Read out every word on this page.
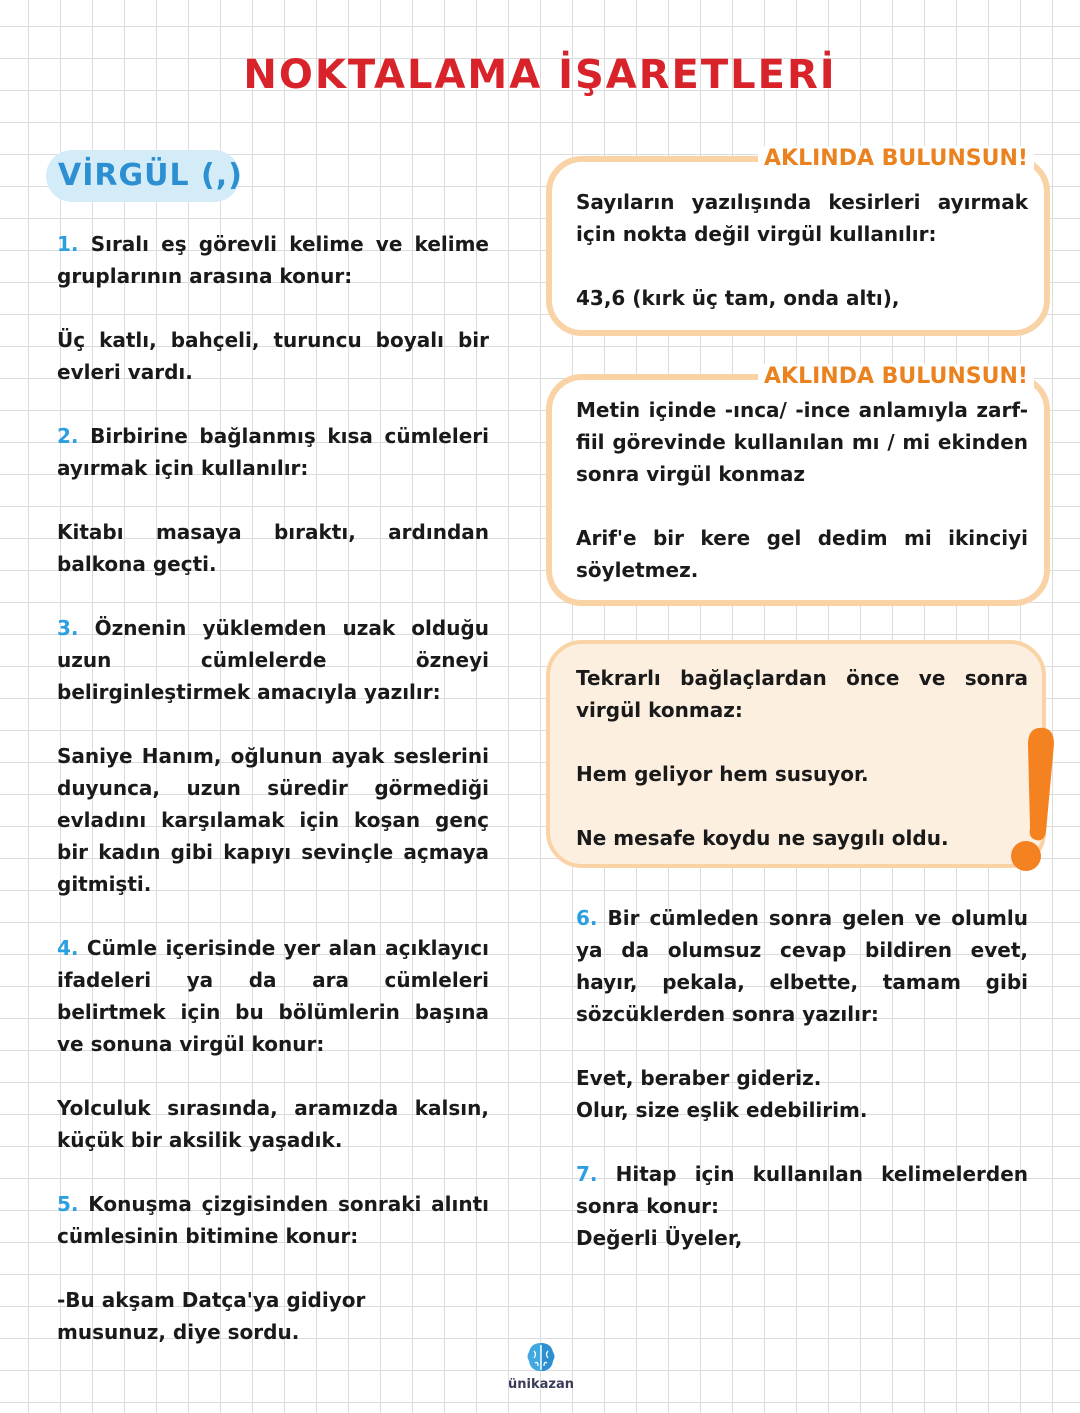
NOKTALAMA İŞARETLERİ
VİRGÜL (,)

1. Sıralı eş görevli kelime ve kelime gruplarının arasına konur:

Üç katlı, bahçeli, turuncu boyalı bir evleri vardı.

2. Birbirine bağlanmış kısa cümleleri ayırmak için kullanılır:

Kitabı masaya bıraktı, ardından balkona geçti.

3. Öznenin yüklemden uzak olduğu uzun cümlelerde özneyi belirginleştirmek amacıyla yazılır:

Saniye Hanım, oğlunun ayak seslerini duyunca, uzun süredir görmediği evladını karşılamak için koşan genç bir kadın gibi kapıyı sevinçle açmaya gitmişti.

4. Cümle içerisinde yer alan açıklayıcı ifadeleri ya da ara cümleleri belirtmek için bu bölümlerin başına ve sonuna virgül konur:

Yolculuk sırasında, aramızda kalsın, küçük bir aksilik yaşadık.

5. Konuşma çizgisinden sonraki alıntı cümlesinin bitimine konur:

-Bu akşam Datça'ya gidiyor

musunuz, diye sordu.

AKLINDA BULUNSUN!

Sayıların yazılışında kesirleri ayırmak için nokta değil virgül kullanılır:

43,6 (kırk üç tam, onda altı),

AKLINDA BULUNSUN!

Metin içinde -ınca/ -ince anlamıyla zarf-fiil görevinde kullanılan mı / mi ekinden sonra virgül konmaz

Arif'e bir kere gel dedim mi ikinciyi söyletmez.

Tekrarlı bağlaçlardan önce ve sonra virgül konmaz:

Hem geliyor hem susuyor.

Ne mesafe koydu ne saygılı oldu.

6. Bir cümleden sonra gelen ve olumlu ya da olumsuz cevap bildiren evet, hayır, pekala, elbette, tamam gibi sözcüklerden sonra yazılır:

Evet, beraber gideriz.

Olur, size eşlik edebilirim.

7. Hitap için kullanılan kelimelerden sonra konur:

Değerli Üyeler,

ünikazan
